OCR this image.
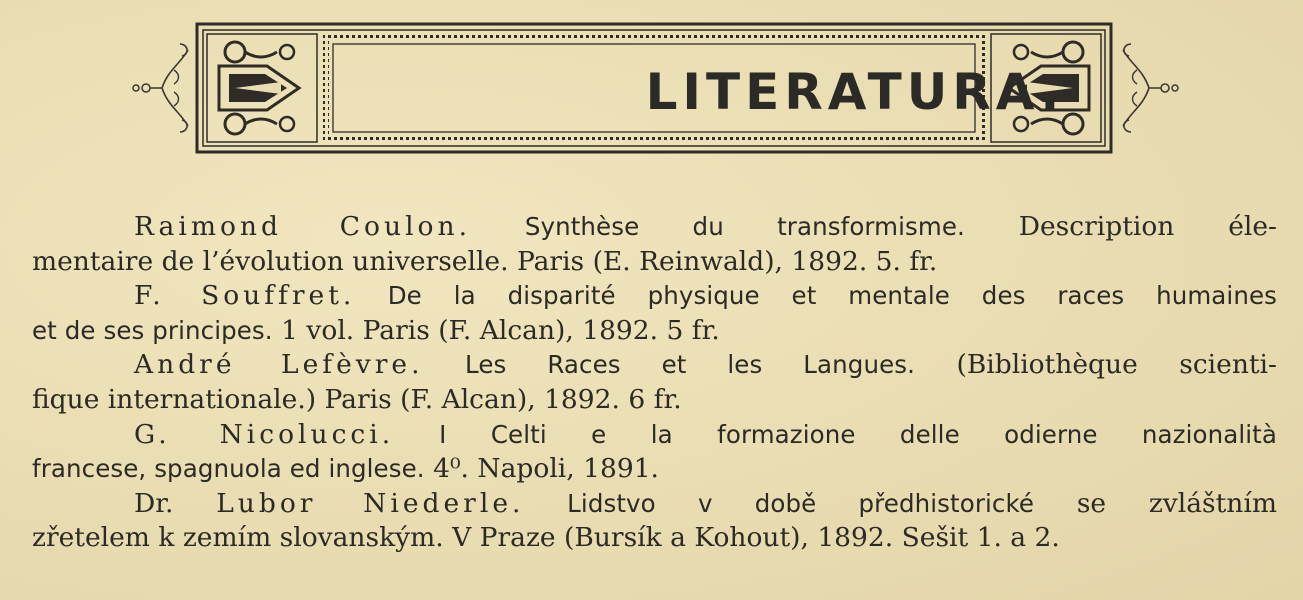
LITERATURA.

Raimond Coulon. Synthèse du transformisme. Description éle-
mentaire de l’évolution universelle. Paris (E. Reinwald), 1892. 5. fr.

F. Souffret. De la disparité physique et mentale des races humaines
et de ses principes. 1 vol. Paris (F. Alcan), 1892. 5 fr.

André Lefèvre. Les Races et les Langues. (Bibliothèque scienti-
fique internationale.) Paris (F. Alcan), 1892. 6 fr.

G. Nicolucci. I Celti e la formazione delle odierne nazionalità
francese, spagnuola ed inglese. 4⁰. Napoli, 1891.

Dr. Lubor Niederle. Lidstvo v době předhistorické se zvláštním
zřetelem k zemím slovanským. V Praze (Bursík a Kohout), 1892. Sešit 1. a 2.
